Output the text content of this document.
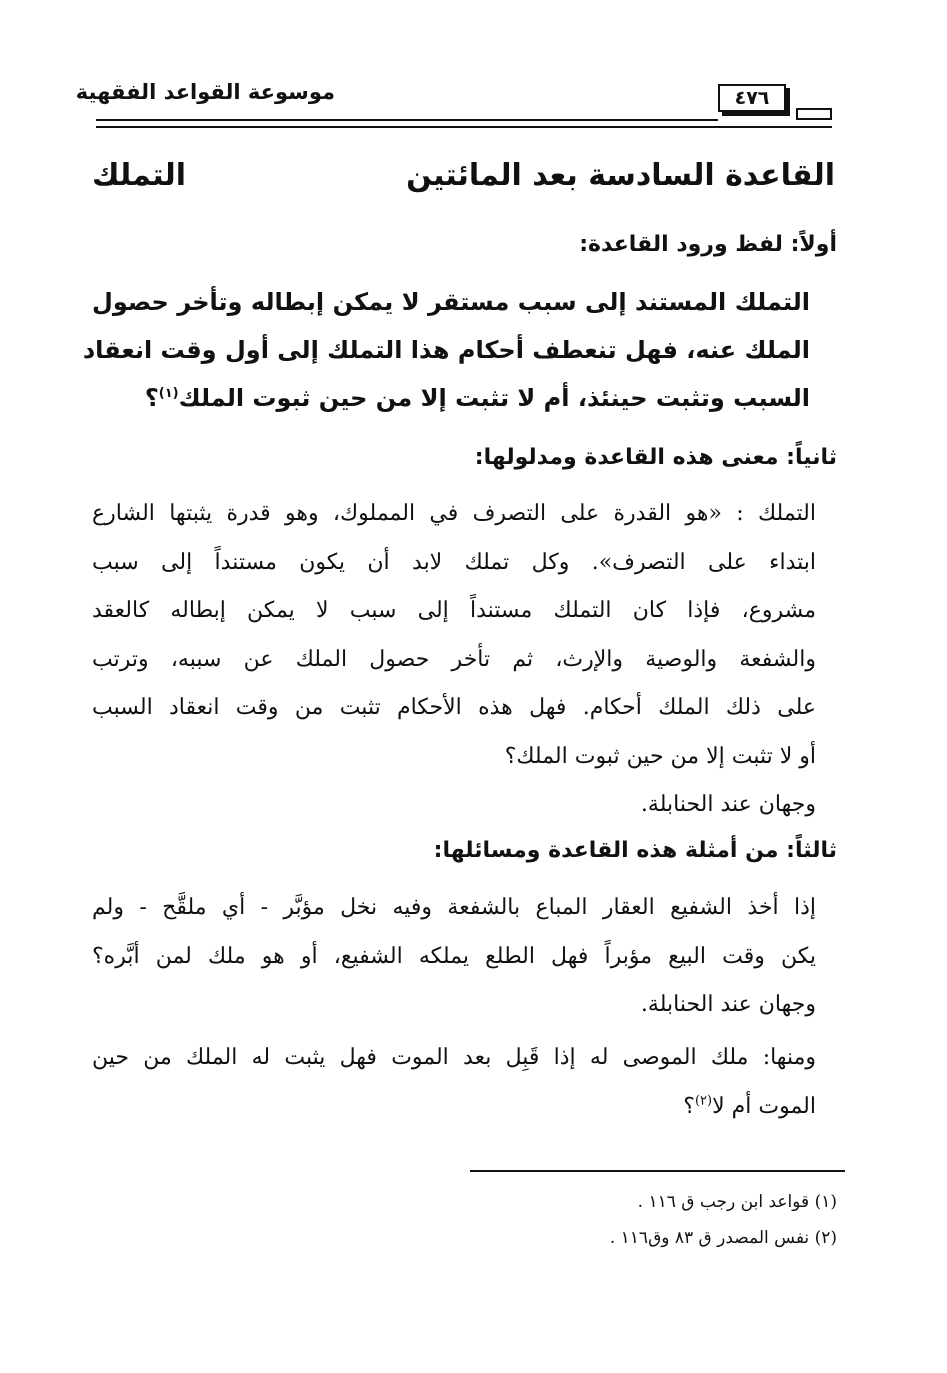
موسوعة القواعد الفقهية	٤٧٦
القاعدة السادسة بعد المائتين
التملك
أولاً: لفظ ورود القاعدة:
التملك المستند إلى سبب مستقر لا يمكن إبطاله وتأخر حصول
الملك عنه، فهل تنعطف أحكام هذا التملك إلى أول وقت انعقاد
السبب وتثبت حينئذ، أم لا تثبت إلا من حين ثبوت الملك$^{(١)}$؟
ثانياً: معنى هذه القاعدة ومدلولها:
التملك : «هو القدرة على التصرف في المملوك، وهو قدرة يثبتها الشارع
ابتداء على التصرف». وكل تملك لابد أن يكون مستنداً إلى سبب
مشروع، فإذا كان التملك مستنداً إلى سبب لا يمكن إبطاله كالعقد
والشفعة والوصية والإرث، ثم تأخر حصول الملك عن سببه، وترتب
على ذلك الملك أحكام. فهل هذه الأحكام تثبت من وقت انعقاد السبب
أو لا تثبت إلا من حين ثبوت الملك؟
وجهان عند الحنابلة.
ثالثاً: من أمثلة هذه القاعدة ومسائلها:
إذا أخذ الشفيع العقار المباع بالشفعة وفيه نخل مؤبَّر - أي ملقَّح - ولم
يكن وقت البيع مؤبراً فهل الطلع يملكه الشفيع، أو هو ملك لمن أبَّره؟
وجهان عند الحنابلة.
ومنها: ملك الموصى له إذا قَبِل بعد الموت فهل يثبت له الملك من حين
الموت أم لا$^{(٢)}$؟
(١) قواعد ابن رجب ق ١١٦ .
(٢) نفس المصدر ق ٨٣ وق١١٦ .
